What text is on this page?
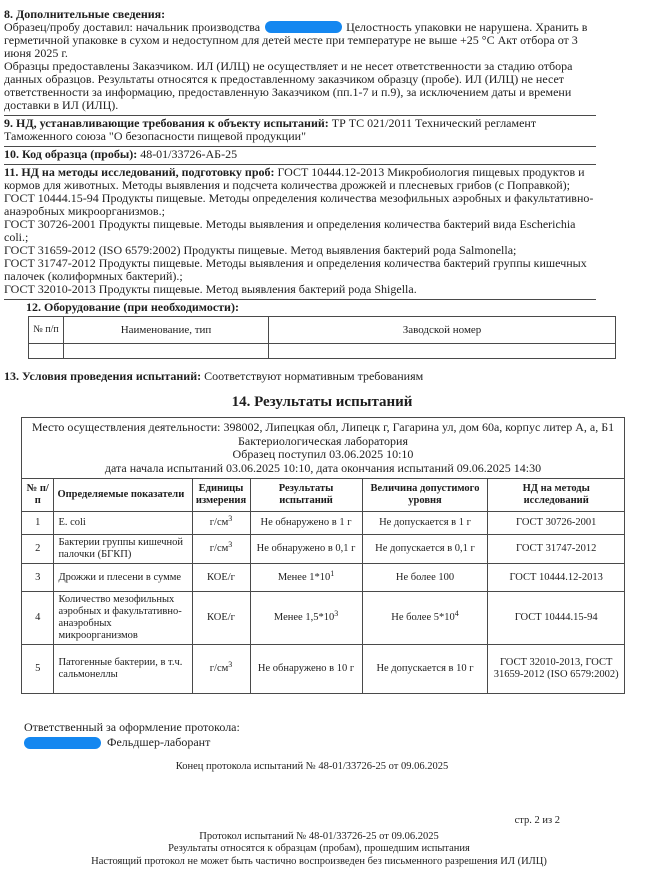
8. Дополнительные сведения:
Образец/пробу доставил: начальник производства	Целостность упаковки не нарушена. Хранить в герметичной упаковке в сухом и недоступном для детей месте при температуре не выше +25 °С Акт отбора от 3 июня 2025 г.
Образцы предоставлены Заказчиком. ИЛ (ИЛЦ) не осуществляет и не несет ответственности за стадию отбора данных образцов. Результаты относятся к предоставленному заказчиком образцу (пробе). ИЛ (ИЛЦ) не несет ответственности за информацию, предоставленную Заказчиком (пп.1-7 и п.9), за исключением даты и времени доставки в ИЛ (ИЛЦ).
9. НД, устанавливающие требования к объекту испытаний: ТР ТС 021/2011 Технический регламент Таможенного союза "О безопасности пищевой продукции"
10. Код образца (пробы): 48-01/33726-АБ-25
11. НД на методы исследований, подготовку проб: ГОСТ 10444.12-2013 Микробиология пищевых продуктов и кормов для животных. Методы выявления и подсчета количества дрожжей и плесневых грибов (с Поправкой);
ГОСТ 10444.15-94 Продукты пищевые. Методы определения количества мезофильных аэробных и факультативно-анаэробных микроорганизмов.;
ГОСТ 30726-2001 Продукты пищевые. Методы выявления и определения количества бактерий вида Escherichia coli.;
ГОСТ 31659-2012 (ISO 6579:2002) Продукты пищевые. Метод выявления бактерий рода Salmonella;
ГОСТ 31747-2012 Продукты пищевые. Методы выявления и определения количества бактерий группы кишечных палочек (колиформных бактерий).;
ГОСТ 32010-2013 Продукты пищевые. Метод выявления бактерий рода Shigella.
12. Оборудование (при необходимости):
№ п/п	Наименование, тип	Заводской номер

13. Условия проведения испытаний: Соответствуют нормативным требованиям
14. Результаты испытаний
Место осуществления деятельности: 398002, Липецкая обл, Липецк г, Гагарина ул, дом 60а, корпус литер А, а, Б1
Бактериологическая лаборатория
Образец поступил 03.06.2025 10:10
дата начала испытаний 03.06.2025 10:10, дата окончания испытаний 09.06.2025 14:30					

№ п/п	Определяемые показатели	Единицы измерения	Результаты испытаний	Величина допустимого уровня	НД на методы исследований
1	E. coli	$г/см^3$	Не обнаружено в 1 г	Не допускается в 1 г	ГОСТ 30726-2001
2	Бактерии группы кишечной палочки (БГКП)	$г/см^3$	Не обнаружено в 0,1 г	Не допускается в 0,1 г	ГОСТ 31747-2012
3	Дрожжи и плесени в сумме	КОЕ/г	Менее $1*10^1$	Не более 100	ГОСТ 10444.12-2013
4	Количество мезофильных аэробных и факультативно-анаэробных микроорганизмов	КОЕ/г	Менее $1,5*10^3$	Не более $5*10^4$	ГОСТ 10444.15-94
5	Патогенные бактерии, в т.ч. сальмонеллы	$г/см^3$	Не обнаружено в 10 г	Не допускается в 10 г	ГОСТ 32010-2013, ГОСТ 31659-2012 (ISO 6579:2002)
Ответственный за оформление протокола:
Фельдшер-лаборант
Конец протокола испытаний № 48-01/33726-25 от 09.06.2025
стр. 2 из 2
Протокол испытаний № 48-01/33726-25 от 09.06.2025
Результаты относятся к образцам (пробам), прошедшим испытания
Настоящий протокол не может быть частично воспроизведен без письменного разрешения ИЛ (ИЛЦ)
